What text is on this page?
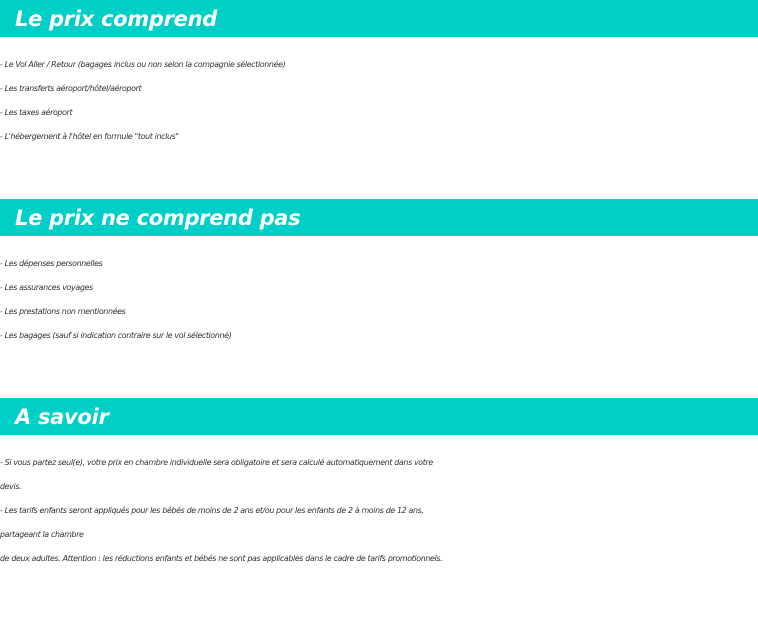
Le prix comprend
- Le Vol Aller / Retour (bagages inclus ou non selon la compagnie sélectionnée)
- Les transferts aéroport/hôtel/aéroport
- Les taxes aéroport
- L'hébergement à l'hôtel en formule "tout inclus"
Le prix ne comprend pas
- Les dépenses personnelles
- Les assurances voyages
- Les prestations non mentionnées
- Les bagages (sauf si indication contraire sur le vol sélectionné)
A savoir
- Si vous partez seul(e), votre prix en chambre individuelle sera obligatoire et sera calculé automatiquement dans votre
devis.
- Les tarifs enfants seront appliqués pour les bébés de moins de 2 ans et/ou pour les enfants de 2 à moins de 12 ans,
partageant la chambre
de deux adultes. Attention : les réductions enfants et bébés ne sont pas applicables dans le cadre de tarifs promotionnels.
